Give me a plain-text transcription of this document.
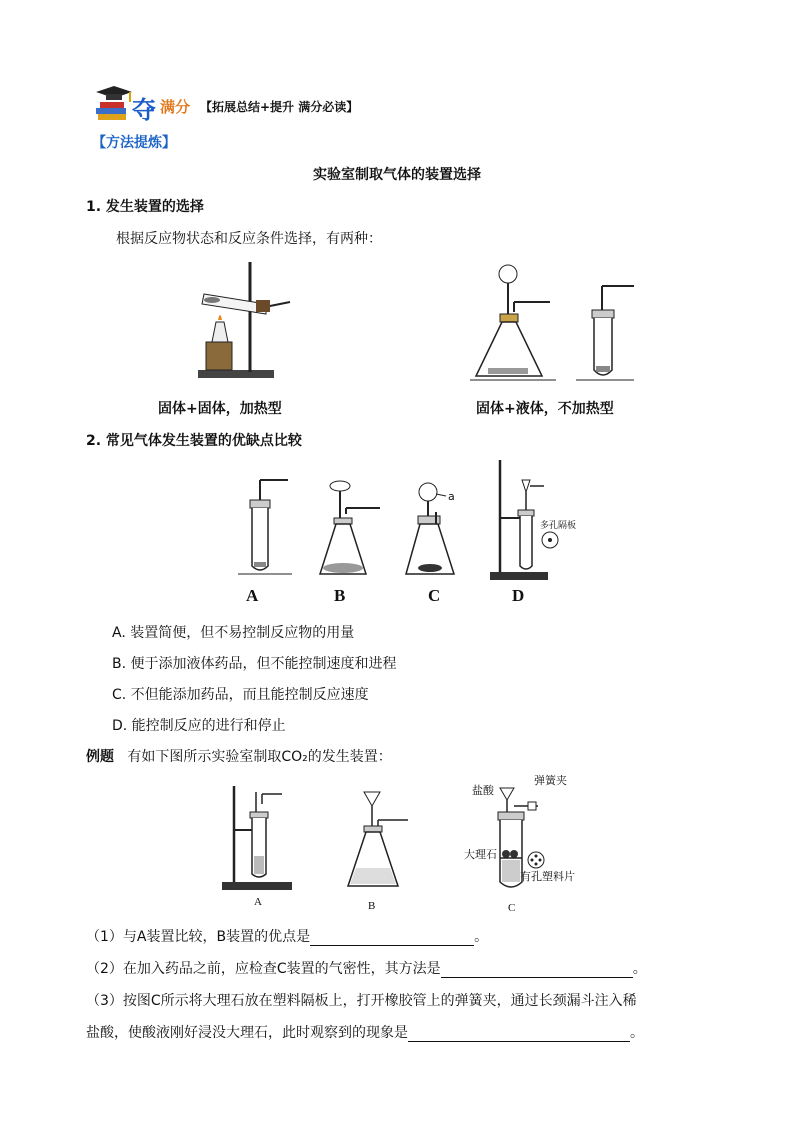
夺 满分 【拓展总结+提升 满分必读】
【方法提炼】
实验室制取气体的装置选择
1. 发生装置的选择
根据反应物状态和反应条件选择，有两种：
固体+固体，加热型	固体+液体，不加热型
2. 常见气体发生装置的优缺点比较
a
多孔隔板
A	B	C	D
A. 装置简便，但不易控制反应物的用量
B. 便于添加液体药品，但不能控制速度和进程
C. 不但能添加药品，而且能控制反应速度
D. 能控制反应的进行和停止
例题 有如下图所示实验室制取CO₂的发生装置：
盐酸
弹簧夹
大理石
有孔塑料片
A	B	C
（1）与A装置比较，B装置的优点是	。
（2）在加入药品之前，应检查C装置的气密性，其方法是	。
（3）按图C所示将大理石放在塑料隔板上，打开橡胶管上的弹簧夹，通过长颈漏斗注入稀
盐酸，使酸液刚好浸没大理石，此时观察到的现象是	。
